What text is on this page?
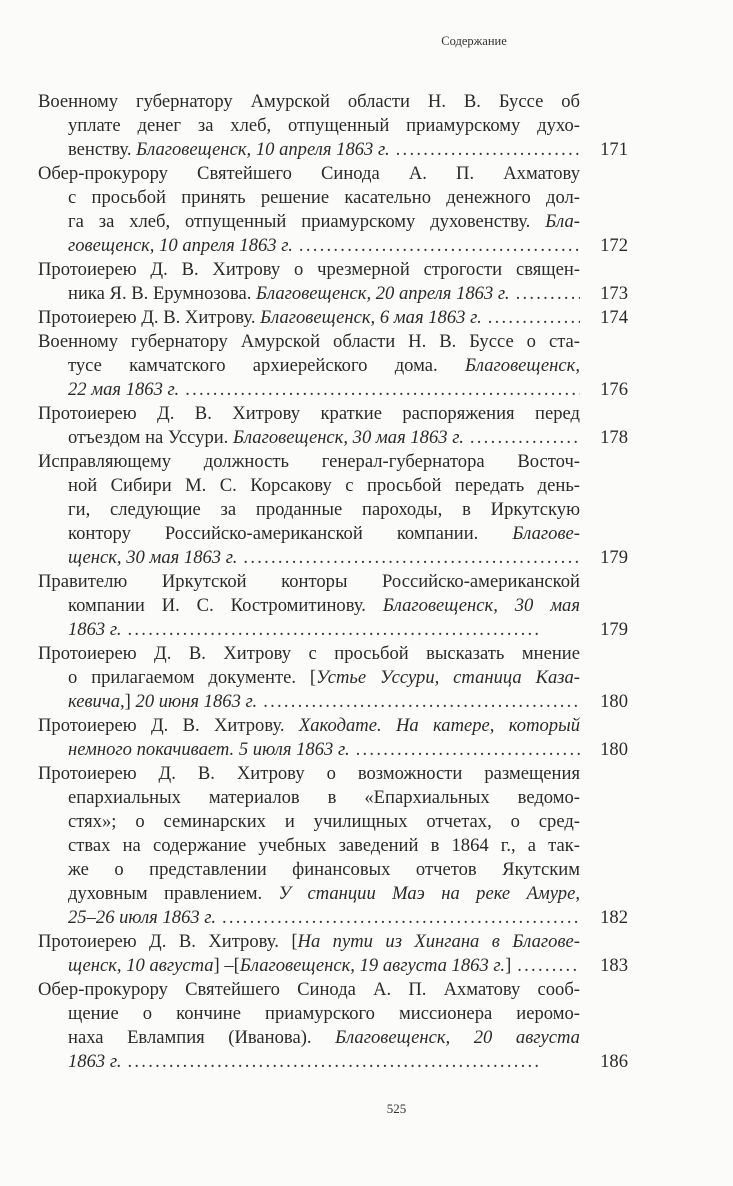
Содержание
Военному губернатору Амурской области Н. В. Буссе об
уплате денег за хлеб, отпущенный приамурскому духо-
171
венству. Благовещенск, 10 апреля 1863 г.
. . .
Обер-прокурору Святейшего Синода А. П. Ахматову
с просьбой принять решение касательно денежного дол-
га за хлеб, отпущенный приамурскому духовенству. Бла-
172
говещенск, 10 апреля 1863 г.
. . .
Протоиерею Д. В. Хитрову о чрезмерной строгости священ-
173
ника Я. В. Ерумнозова. Благовещенск, 20 апреля 1863 г.
. . .
174
Протоиерею Д. В. Хитрову. Благовещенск, 6 мая 1863 г.
. . .
Военному губернатору Амурской области Н. В. Буссе о ста-
тусе камчатского архиерейского дома. Благовещенск,
176
22 мая 1863 г.
. . .
Протоиерею Д. В. Хитрову краткие распоряжения перед
178
отъездом на Уссури. Благовещенск, 30 мая 1863 г.
. . .
Исправляющему должность генерал-губернатора Восточ-
ной Сибири М. С. Корсакову с просьбой передать день-
ги, следующие за проданные пароходы, в Иркутскую
контору Российско-американской компании. Благове-
179
щенск, 30 мая 1863 г.
. . .
Правителю Иркутской конторы Российско-американской
компании И. С. Костромитинову. Благовещенск, 30 мая
179
1863 г.
. . .
Протоиерею Д. В. Хитрову с просьбой высказать мнение
о прилагаемом документе. [Устье Уссури, станица Каза-
180
кевича,] 20 июня 1863 г.
. . .
Протоиерею Д. В. Хитрову. Хакодате. На катере, который
180
немного покачивает. 5 июля 1863 г.
. . .
Протоиерею Д. В. Хитрову о возможности размещения
епархиальных материалов в «Епархиальных ведомо-
стях»; о семинарских и училищных отчетах, о сред-
ствах на содержание учебных заведений в 1864 г., а так-
же о представлении финансовых отчетов Якутским
духовным правлением. У станции Маэ на реке Амуре,
182
25–26 июля 1863 г.
. . .
Протоиерею Д. В. Хитрову. [На пути из Хингана в Благове-
183
щенск, 10 августа] –[Благовещенск, 19 августа 1863 г.]
. . .
Обер-прокурору Святейшего Синода А. П. Ахматову сооб-
щение о кончине приамурского миссионера иеромо-
наха Евлампия (Иванова). Благовещенск, 20 августа
186
1863 г.
. . .
525
